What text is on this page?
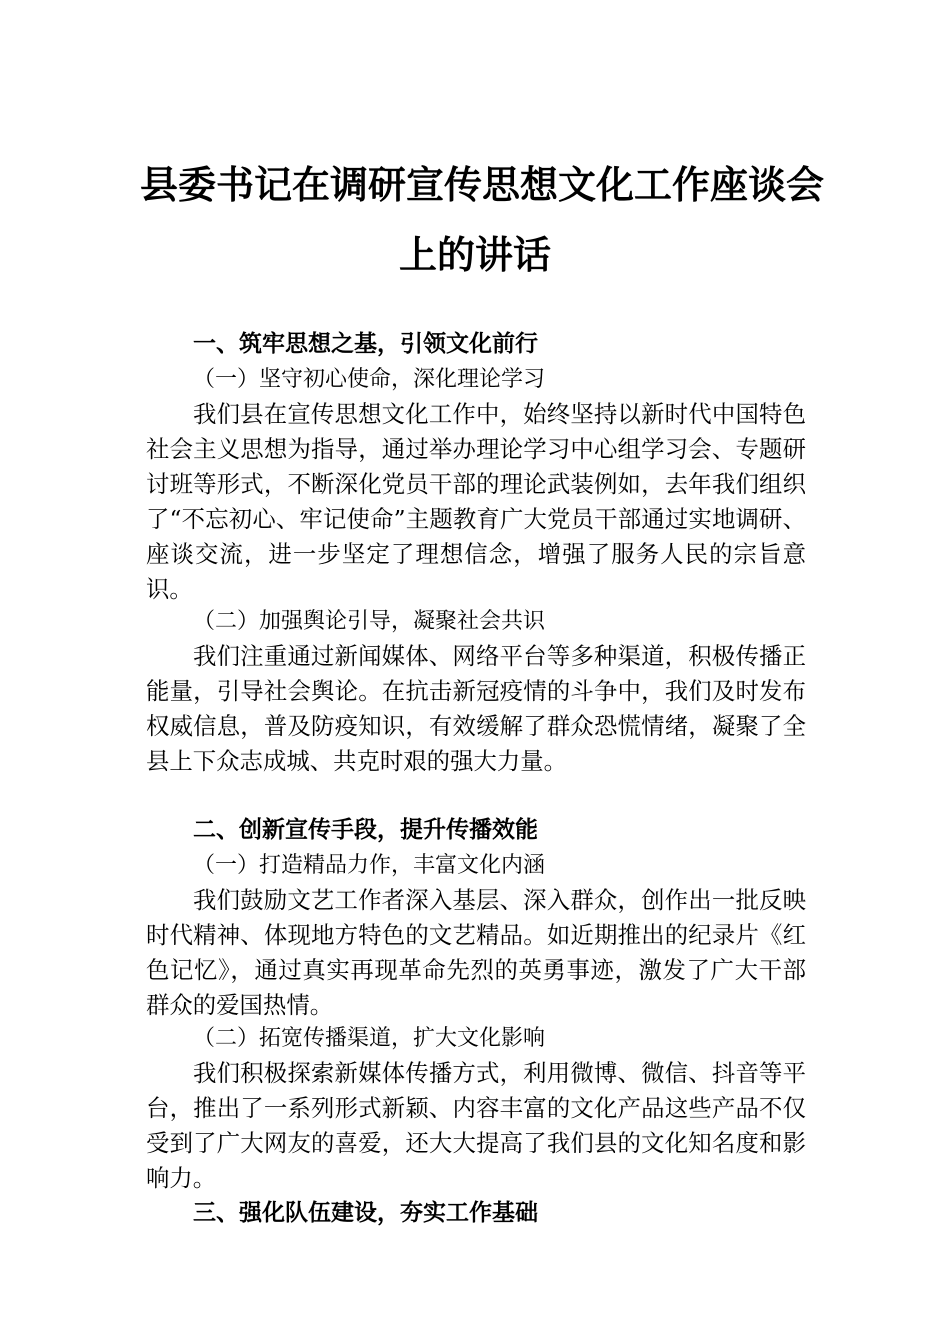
县委书记在调研宣传思想文化工作座谈会
上的讲话
一、筑牢思想之基，引领文化前行
（一）坚守初心使命，深化理论学习
我们县在宣传思想文化工作中，始终坚持以新时代中国特色社会主义思想为指导，通过举办理论学习中心组学习会、专题研讨班等形式，不断深化党员干部的理论武装例如，去年我们组织了“不忘初心、牢记使命”主题教育广大党员干部通过实地调研、座谈交流，进一步坚定了理想信念，增强了服务人民的宗旨意识。
（二）加强舆论引导，凝聚社会共识
我们注重通过新闻媒体、网络平台等多种渠道，积极传播正能量，引导社会舆论。在抗击新冠疫情的斗争中，我们及时发布权威信息，普及防疫知识，有效缓解了群众恐慌情绪，凝聚了全县上下众志成城、共克时艰的强大力量。
二、创新宣传手段，提升传播效能
（一）打造精品力作，丰富文化内涵
我们鼓励文艺工作者深入基层、深入群众，创作出一批反映时代精神、体现地方特色的文艺精品。如近期推出的纪录片《红色记忆》，通过真实再现革命先烈的英勇事迹，激发了广大干部群众的爱国热情。
（二）拓宽传播渠道，扩大文化影响
我们积极探索新媒体传播方式，利用微博、微信、抖音等平台，推出了一系列形式新颖、内容丰富的文化产品这些产品不仅受到了广大网友的喜爱，还大大提高了我们县的文化知名度和影响力。
三、强化队伍建设，夯实工作基础
